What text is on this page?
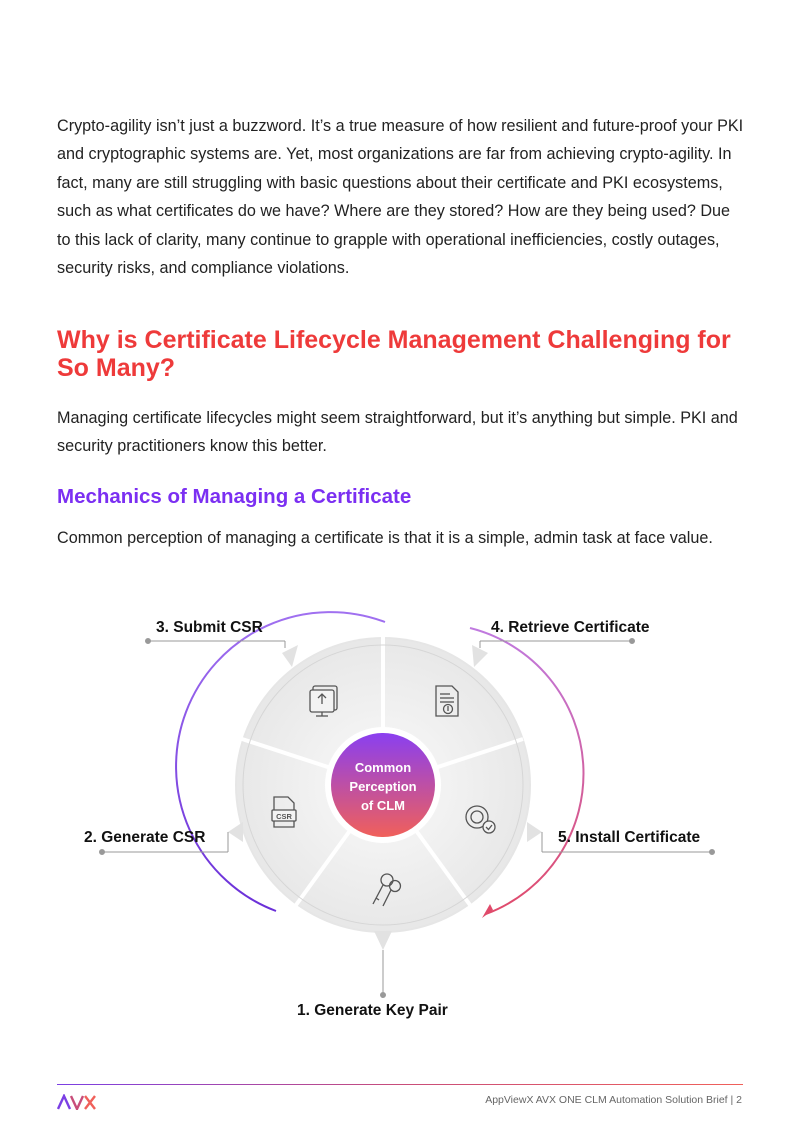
Crypto-agility isn’t just a buzzword. It’s a true measure of how resilient and future-proof your PKI and cryptographic systems are. Yet, most organizations are far from achieving crypto-agility. In fact, many are still struggling with basic questions about their certificate and PKI ecosystems, such as what certificates do we have? Where are they stored? How are they being used? Due to this lack of clarity, many continue to grapple with operational inefficiencies, costly outages, security risks, and compliance violations.

Why is Certificate Lifecycle Management Challenging for So Many?

Managing certificate lifecycles might seem straightforward, but it’s anything but simple. PKI and security practitioners know this better.

Mechanics of Managing a Certificate

Common perception of managing a certificate is that it is a simple, admin task at face value.

Common
Perception
of CLM
CSR
3. Submit CSR	4. Retrieve Certificate
2. Generate CSR	5. Install Certificate
1. Generate Key Pair
AppViewX AVX ONE CLM Automation Solution Brief | 2
